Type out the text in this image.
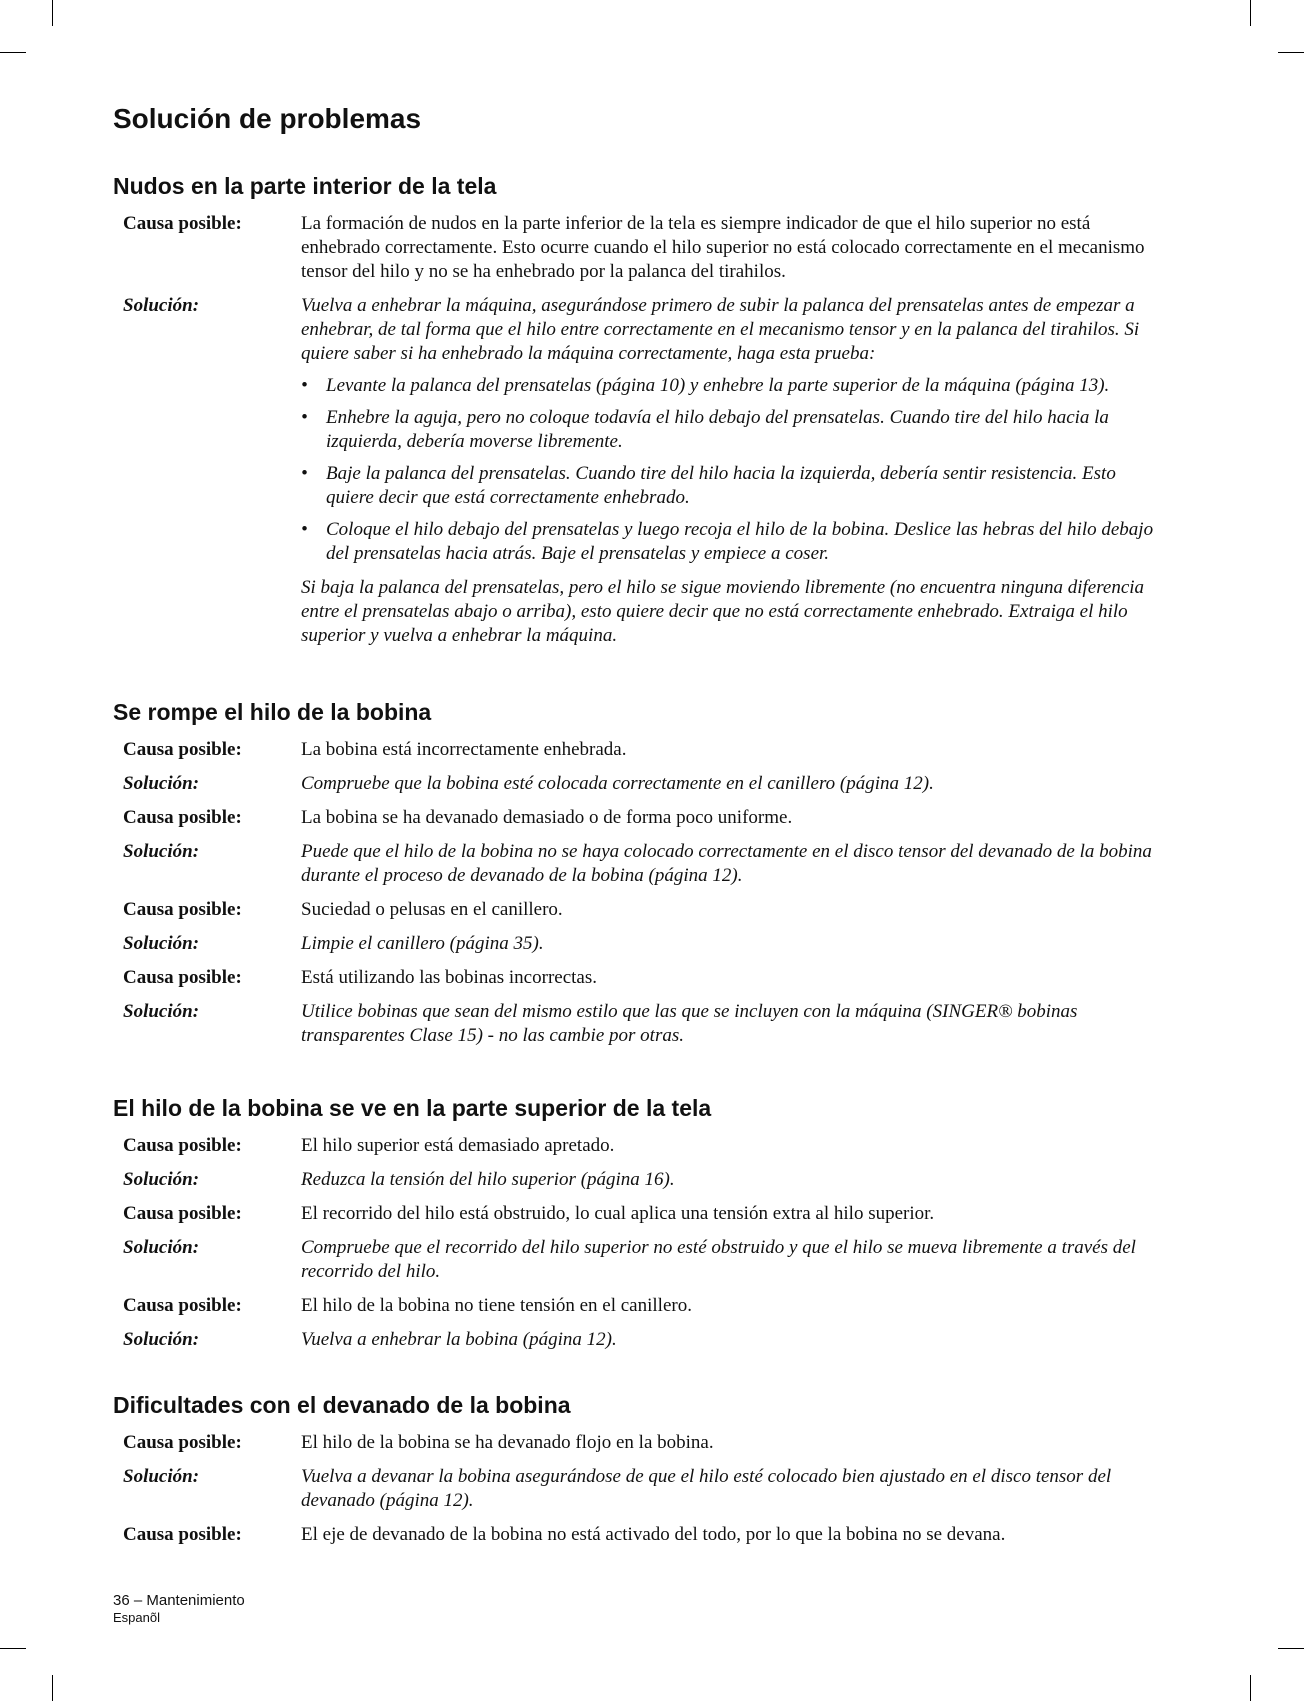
Solución de problemas
Nudos en la parte interior de la tela
Causa posible:	La formación de nudos en la parte inferior de la tela es siempre indicador de que el hilo superior no está enhebrado correctamente. Esto ocurre cuando el hilo superior no está colocado correctamente en el mecanismo tensor del hilo y no se ha enhebrado por la palanca del tirahilos.
Solución:	Vuelva a enhebrar la máquina, asegurándose primero de subir la palanca del prensatelas antes de empezar a enhebrar, de tal forma que el hilo entre correctamente en el mecanismo tensor y en la palanca del tirahilos. Si quiere saber si ha enhebrado la máquina correctamente, haga esta prueba:
• Levante la palanca del prensatelas (página 10) y enhebre la parte superior de la máquina (página 13).
• Enhebre la aguja, pero no coloque todavía el hilo debajo del prensatelas. Cuando tire del hilo hacia la izquierda, debería moverse libremente.
• Baje la palanca del prensatelas. Cuando tire del hilo hacia la izquierda, debería sentir resistencia. Esto quiere decir que está correctamente enhebrado.
• Coloque el hilo debajo del prensatelas y luego recoja el hilo de la bobina. Deslice las hebras del hilo debajo del prensatelas hacia atrás. Baje el prensatelas y empiece a coser.
Si baja la palanca del prensatelas, pero el hilo se sigue moviendo libremente (no encuentra ninguna diferencia entre el prensatelas abajo o arriba), esto quiere decir que no está correctamente enhebrado. Extraiga el hilo superior y vuelva a enhebrar la máquina.
Se rompe el hilo de la bobina
Causa posible:	La bobina está incorrectamente enhebrada.
Solución:	Compruebe que la bobina esté colocada correctamente en el canillero (página 12).
Causa posible:	La bobina se ha devanado demasiado o de forma poco uniforme.
Solución:	Puede que el hilo de la bobina no se haya colocado correctamente en el disco tensor del devanado de la bobina durante el proceso de devanado de la bobina (página 12).
Causa posible:	Suciedad o pelusas en el canillero.
Solución:	Limpie el canillero (página 35).
Causa posible:	Está utilizando las bobinas incorrectas.
Solución:	Utilice bobinas que sean del mismo estilo que las que se incluyen con la máquina (SINGER® bobinas transparentes Clase 15) - no las cambie por otras.
El hilo de la bobina se ve en la parte superior de la tela
Causa posible:	El hilo superior está demasiado apretado.
Solución:	Reduzca la tensión del hilo superior (página 16).
Causa posible:	El recorrido del hilo está obstruido, lo cual aplica una tensión extra al hilo superior.
Solución:	Compruebe que el recorrido del hilo superior no esté obstruido y que el hilo se mueva libremente a través del recorrido del hilo.
Causa posible:	El hilo de la bobina no tiene tensión en el canillero.
Solución:	Vuelva a enhebrar la bobina (página 12).
Dificultades con el devanado de la bobina
Causa posible:	El hilo de la bobina se ha devanado flojo en la bobina.
Solución:	Vuelva a devanar la bobina asegurándose de que el hilo esté colocado bien ajustado en el disco tensor del devanado (página 12).
Causa posible:	El eje de devanado de la bobina no está activado del todo, por lo que la bobina no se devana.
36 – Mantenimiento
Espanõl
